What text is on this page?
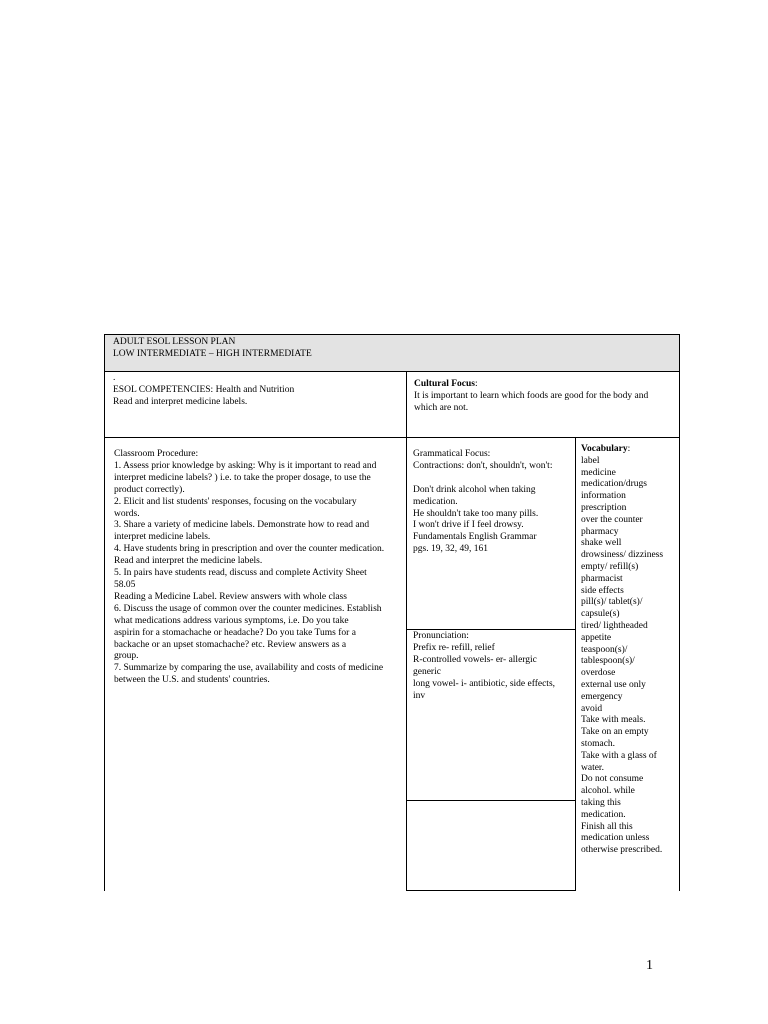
ADULT ESOL LESSON PLAN
LOW INTERMEDIATE – HIGH INTERMEDIATE
.
ESOL COMPETENCIES: Health and Nutrition
Read and interpret medicine labels.
Cultural Focus:
It is important to learn which foods are good for the body and which are not.
Classroom Procedure:
1. Assess prior knowledge by asking: Why is it important to read and
interpret medicine labels? ) i.e. to take the proper dosage, to use the
product correctly).
2. Elicit and list students' responses, focusing on the vocabulary
words.
3. Share a variety of medicine labels. Demonstrate how to read and
interpret medicine labels.
4. Have students bring in prescription and over the counter medication.
Read and interpret the medicine labels.
5. In pairs have students read, discuss and complete Activity Sheet
58.05
Reading a Medicine Label. Review answers with whole class
6. Discuss the usage of common over the counter medicines. Establish
what medications address various symptoms, i.e. Do you take
aspirin for a stomachache or headache? Do you take Tums for a
backache or an upset stomachache? etc. Review answers as a
group.
7. Summarize by comparing the use, availability and costs of medicine
between the U.S. and students' countries.
Grammatical Focus:
Contractions: don't, shouldn't, won't:
Don't drink alcohol when taking
medication.
He shouldn't take too many pills.
I won't drive if I feel drowsy.
Fundamentals English Grammar
pgs. 19, 32, 49, 161
Pronunciation:
Prefix re- refill, relief
R-controlled vowels- er- allergic
generic
long vowel- i- antibiotic, side effects,
inv
Vocabulary:
label
medicine
medication/drugs
information
prescription
over the counter
pharmacy
shake well
drowsiness/ dizziness
empty/ refill(s)
pharmacist
side effects
pill(s)/ tablet(s)/
capsule(s)
tired/ lightheaded
appetite
teaspoon(s)/
tablespoon(s)/
overdose
external use only
emergency
avoid
Take with meals.
Take on an empty
stomach.
Take with a glass of
water.
Do not consume
alcohol. while
taking this
medication.
Finish all this
medication unless
otherwise prescribed.
1
